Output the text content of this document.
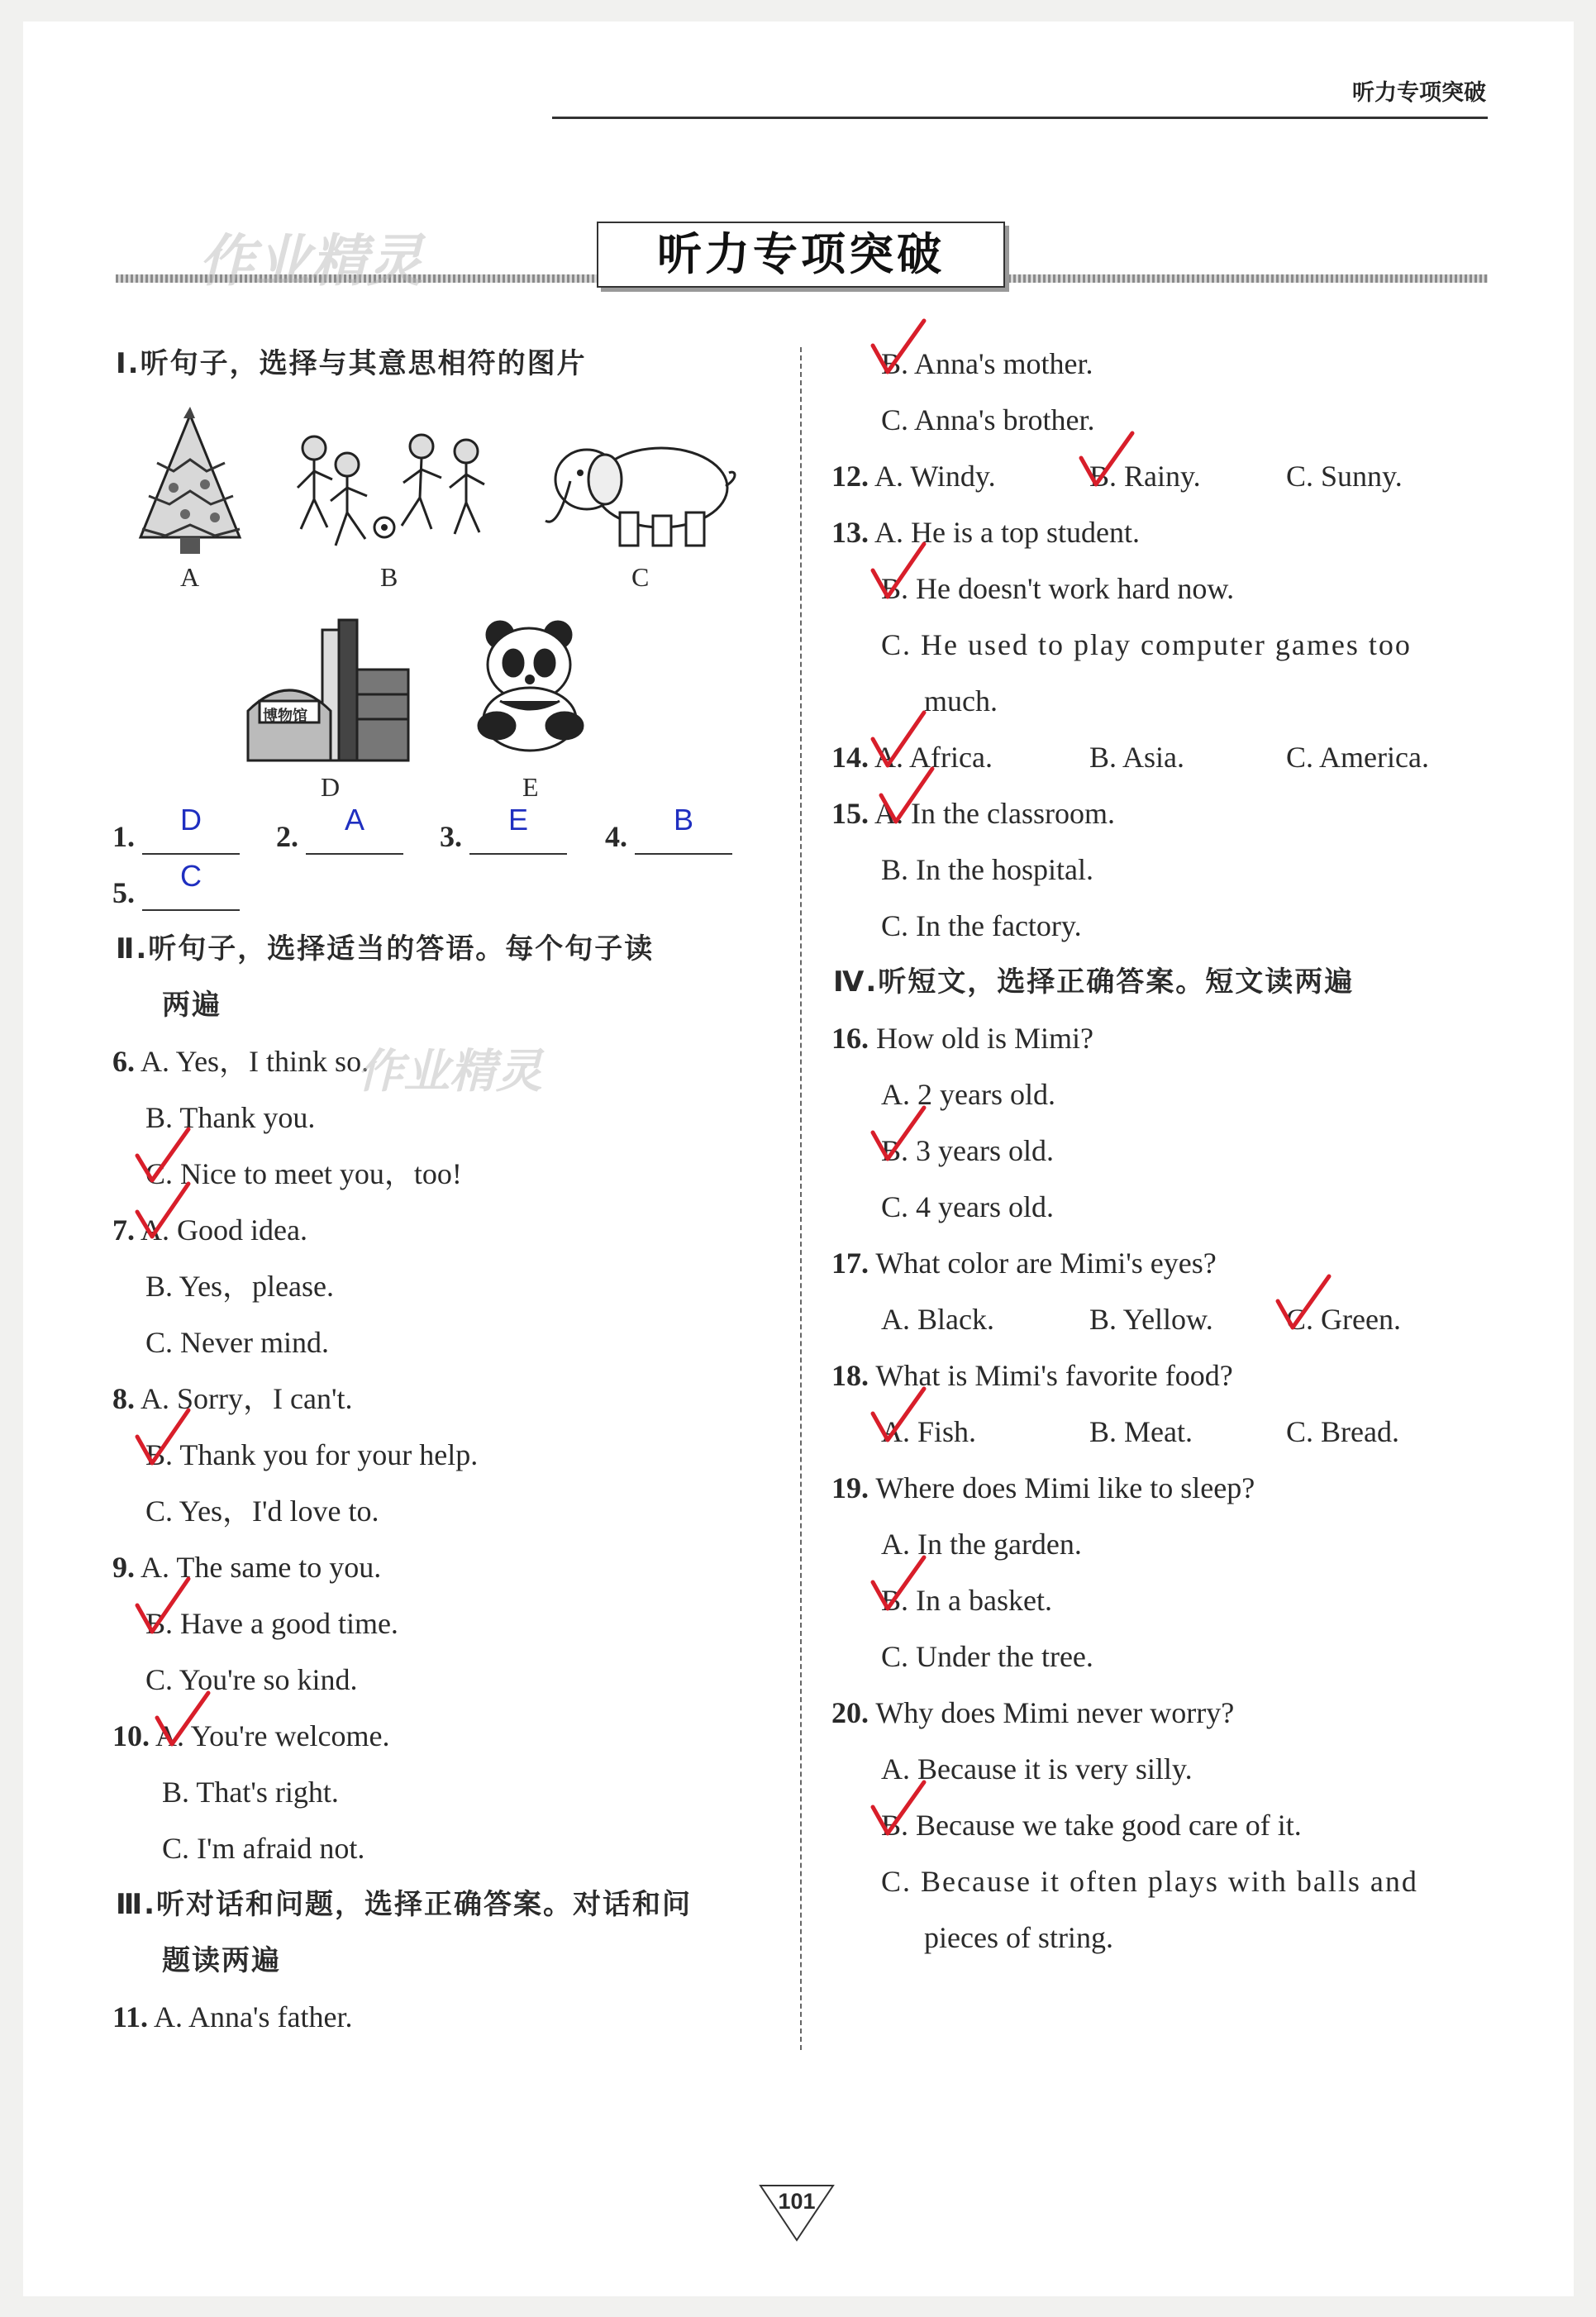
听力专项突破
作业精灵	听力专项突破
Ⅰ.听句子，选择与其意思相符的图片
A	B	C
博物馆
D	E
1.	D	2.	A	3.	E	4.	B
5.	C
Ⅱ.听句子，选择适当的答语。每个句子读
两遍
6. A. Yes，I think so.
作业精灵
B. Thank you.
C. Nice to meet you，too!
7. A. Good idea.
B. Yes，please.
C. Never mind.
8. A. Sorry，I can't.
B. Thank you for your help.
C. Yes，I'd love to.
9. A. The same to you.
B. Have a good time.
C. You're so kind.
10. A. You're welcome.
B. That's right.
C. I'm afraid not.
Ⅲ.听对话和问题，选择正确答案。对话和问
题读两遍
11. A. Anna's father.
B. Anna's mother.
C. Anna's brother.
12. A. Windy.	B. Rainy.	C. Sunny.
13. A. He is a top student.
B. He doesn't work hard now.
C. He used to play computer games too
much.
14. A. Africa.	B. Asia.	C. America.
15. A. In the classroom.
B. In the hospital.
C. In the factory.
Ⅳ.听短文，选择正确答案。短文读两遍
16. How old is Mimi?
A. 2 years old.
B. 3 years old.
C. 4 years old.
17. What color are Mimi's eyes?
A. Black.	B. Yellow. C. Green.
18. What is Mimi's favorite food?
A. Fish.	B. Meat.	C. Bread.
19. Where does Mimi like to sleep?
A. In the garden.
B. In a basket.
C. Under the tree.
20. Why does Mimi never worry?
A. Because it is very silly.
B. Because we take good care of it.
C. Because it often plays with balls and
pieces of string.
101
